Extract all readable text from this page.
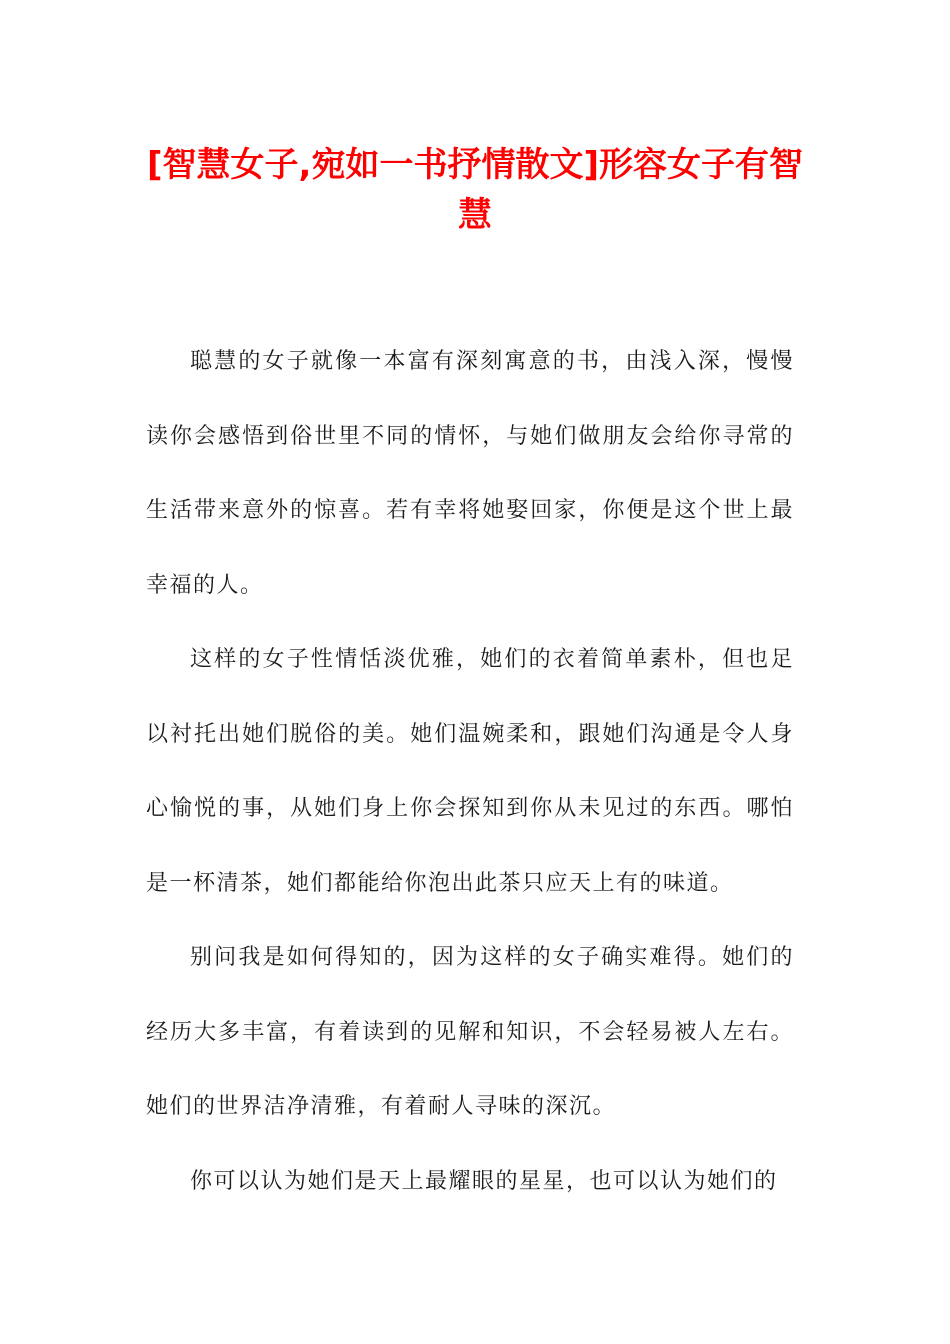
[智慧女子,宛如一书抒情散文]形容女子有智慧

聪慧的女子就像一本富有深刻寓意的书，由浅入深，慢慢读你会感悟到俗世里不同的情怀，与她们做朋友会给你寻常的生活带来意外的惊喜。若有幸将她娶回家，你便是这个世上最幸福的人。

这样的女子性情恬淡优雅，她们的衣着简单素朴，但也足以衬托出她们脱俗的美。她们温婉柔和，跟她们沟通是令人身心愉悦的事，从她们身上你会探知到你从未见过的东西。哪怕是一杯清茶，她们都能给你泡出此茶只应天上有的味道。

别问我是如何得知的，因为这样的女子确实难得。她们的经历大多丰富，有着读到的见解和知识，不会轻易被人左右。她们的世界洁净清雅，有着耐人寻味的深沉。

你可以认为她们是天上最耀眼的星星，也可以认为她们的
